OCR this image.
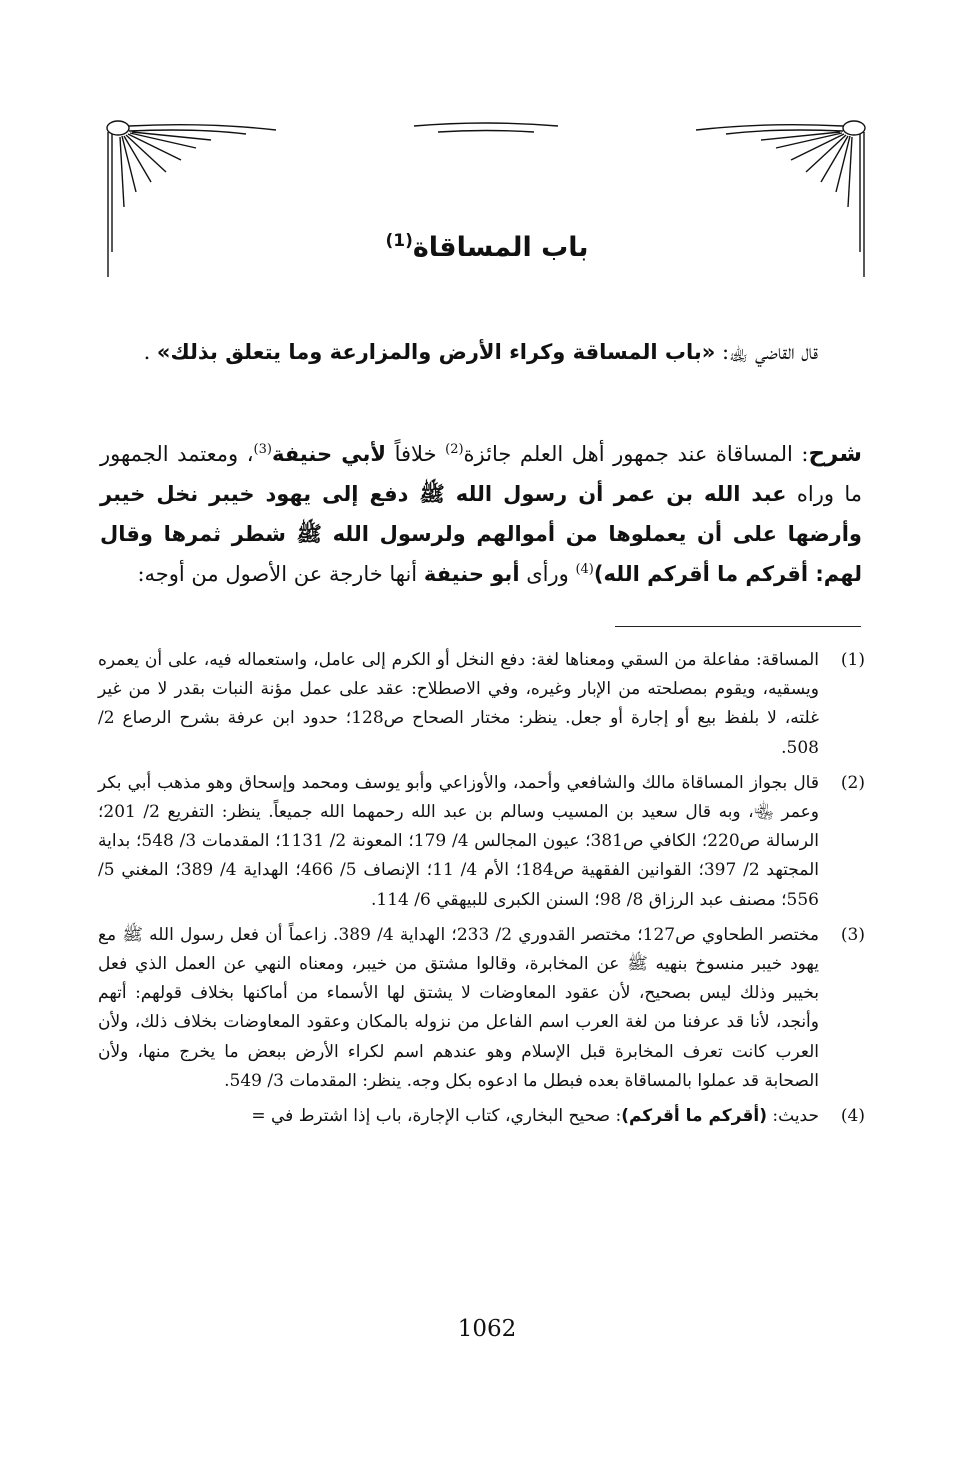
باب المساقاة$^{(1)}$

قال القاضي ﵀: «باب المساقة وكراء الأرض والمزارعة وما يتعلق بذلك» .

شرح: المساقاة عند جمهور أهل العلم جائزة$^{(2)}$ خلافاً لأبي حنيفة$^{(3)}$، ومعتمد الجمهور ما وراه عبد الله بن عمر أن رسول الله ﷺ دفع إلى يهود خيبر نخل خيبر وأرضها على أن يعملوها من أموالهم ولرسول الله ﷺ شطر ثمرها وقال لهم: أقركم ما أقركم الله)$^{(4)}$ ورأى أبو حنيفة أنها خارجة عن الأصول من أوجه:

(1)
المساقة: مفاعلة من السقي ومعناها لغة: دفع النخل أو الكرم إلى عامل، واستعماله فيه، على أن يعمره ويسقيه، ويقوم بمصلحته من الإبار وغيره، وفي الاصطلاح: عقد على عمل مؤنة النبات بقدر لا من غير غلته، لا بلفظ بيع أو إجارة أو جعل. ينظر: مختار الصحاح ص128؛ حدود ابن عرفة بشرح الرصاع 2/ 508.
(2)
قال بجواز المساقاة مالك والشافعي وأحمد، والأوزاعي وأبو يوسف ومحمد وإسحاق وهو مذهب أبي بكر وعمر ﵄، وبه قال سعيد بن المسيب وسالم بن عبد الله رحمهما الله جميعاً. ينظر: التفريع 2/ 201؛ الرسالة ص220؛ الكافي ص381؛ عيون المجالس 4/ 179؛ المعونة 2/ 1131؛ المقدمات 3/ 548؛ بداية المجتهد 2/ 397؛ القوانين الفقهية ص184؛ الأم 4/ 11؛ الإنصاف 5/ 466؛ الهداية 4/ 389؛ المغني 5/ 556؛ مصنف عبد الرزاق 8/ 98؛ السنن الكبرى للبيهقي 6/ 114.
(3)
مختصر الطحاوي ص127؛ مختصر القدوري 2/ 233؛ الهداية 4/ 389. زاعماً أن فعل رسول الله ﷺ مع يهود خيبر منسوخ بنهيه ﷺ عن المخابرة، وقالوا مشتق من خيبر، ومعناه النهي عن العمل الذي فعل بخيبر وذلك ليس بصحيح، لأن عقود المعاوضات لا يشتق لها الأسماء من أماكنها بخلاف قولهم: أتهم وأنجد، لأنا قد عرفنا من لغة العرب اسم الفاعل من نزوله بالمكان وعقود المعاوضات بخلاف ذلك، ولأن العرب كانت تعرف المخابرة قبل الإسلام وهو عندهم اسم لكراء الأرض ببعض ما يخرج منها، ولأن الصحابة قد عملوا بالمساقاة بعده فبطل ما ادعوه بكل وجه. ينظر: المقدمات 3/ 549.
(4)
حديث: (أقركم ما أقركم): صحيح البخاري، كتاب الإجارة، باب إذا اشترط في =
1062
